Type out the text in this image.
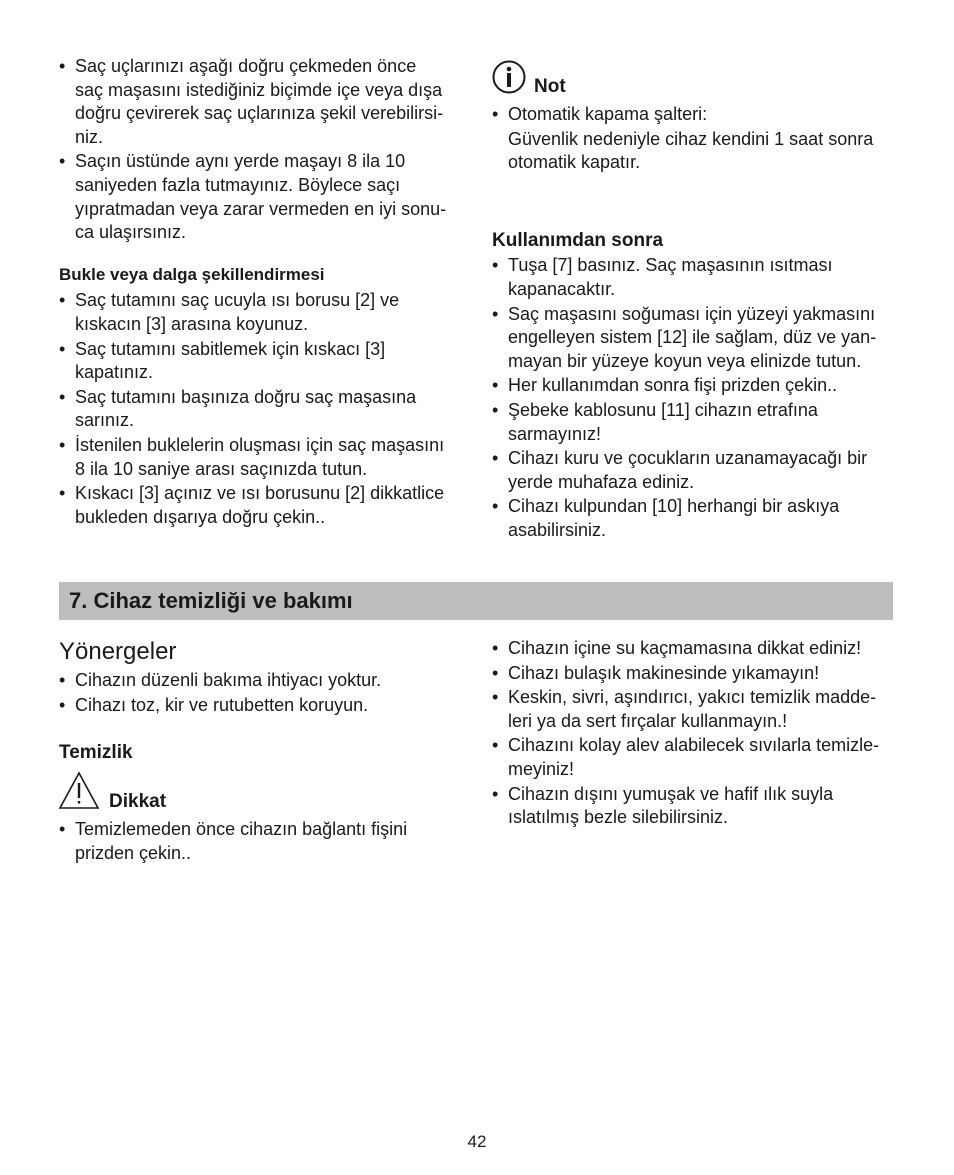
• Saç uçlarınızı aşağı doğru çekmeden önce
saç maşasını istediğiniz biçimde içe veya dışa
doğru çevirerek saç uçlarınıza şekil verebilirsi-
niz.
• Saçın üstünde aynı yerde maşayı 8 ila 10
saniyeden fazla tutmayınız. Böylece saçı
yıpratmadan veya zarar vermeden en iyi sonu-
ca ulaşırsınız.
Bukle veya dalga şekillendirmesi
• Saç tutamını saç ucuyla ısı borusu [2] ve
kıskacın [3] arasına koyunuz.
• Saç tutamını sabitlemek için kıskacı [3]
kapatınız.
• Saç tutamını başınıza doğru saç maşasına
sarınız.
• İstenilen buklelerin oluşması için saç maşasını
8 ila 10 saniye arası saçınızda tutun.
• Kıskacı [3] açınız ve ısı borusunu [2] dikkatlice
bukleden dışarıya doğru çekin..
Not
• Otomatik kapama şalteri:
Güvenlik nedeniyle cihaz kendini 1 saat sonra
otomatik kapatır.
Kullanımdan sonra
• Tuşa [7] basınız. Saç maşasının ısıtması
kapanacaktır.
• Saç maşasını soğuması için yüzeyi yakmasını
engelleyen sistem [12] ile sağlam, düz ve yan-
mayan bir yüzeye koyun veya elinizde tutun.
• Her kullanımdan sonra fişi prizden çekin..
• Şebeke kablosunu [11] cihazın etrafına
sarmayınız!
• Cihazı kuru ve çocukların uzanamayacağı bir
yerde muhafaza ediniz.
• Cihazı kulpundan [10] herhangi bir askıya
asabilirsiniz.
7. Cihaz temizliği ve bakımı
Yönergeler
• Cihazın düzenli bakıma ihtiyacı yoktur.
• Cihazı toz, kir ve rutubetten koruyun.
Temizlik
Dikkat
• Temizlemeden önce cihazın bağlantı fişini
prizden çekin..
• Cihazın içine su kaçmamasına dikkat ediniz!
• Cihazı bulaşık makinesinde yıkamayın!
• Keskin, sivri, aşındırıcı, yakıcı temizlik madde-
leri ya da sert fırçalar kullanmayın.!
• Cihazını kolay alev alabilecek sıvılarla temizle-
meyiniz!
• Cihazın dışını yumuşak ve hafif ılık suyla
ıslatılmış bezle silebilirsiniz.
42
